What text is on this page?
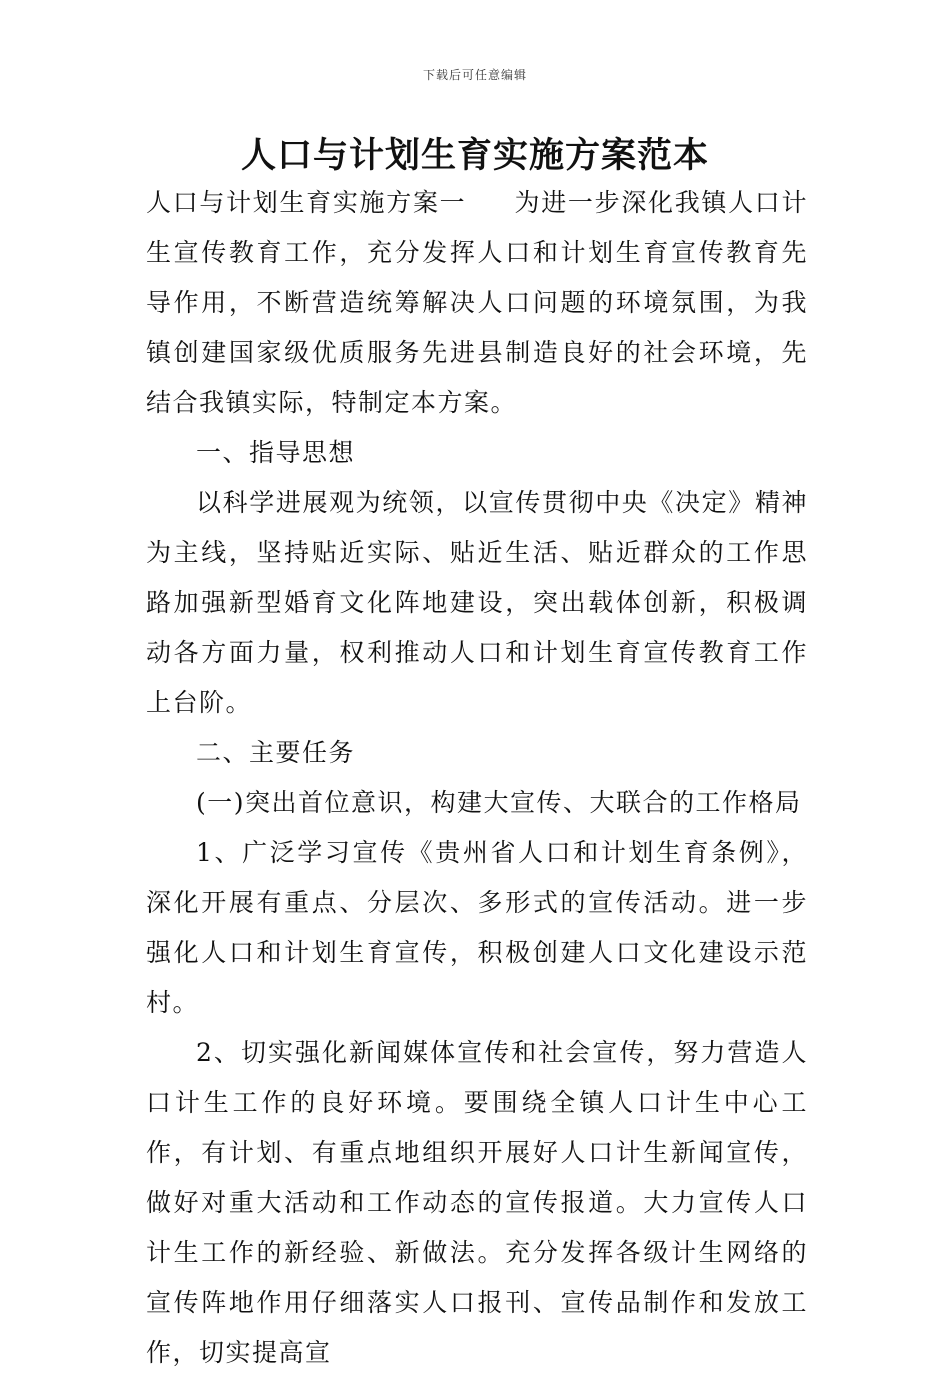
下载后可任意编辑
人口与计划生育实施方案范本

人口与计划生育实施方案一 为进一步深化我镇人口计生宣传教育工作，充分发挥人口和计划生育宣传教育先导作用，不断营造统筹解决人口问题的环境氛围，为我镇创建国家级优质服务先进县制造良好的社会环境，先结合我镇实际，特制定本方案。

一、指导思想

以科学进展观为统领，以宣传贯彻中央《决定》精神为主线，坚持贴近实际、贴近生活、贴近群众的工作思路加强新型婚育文化阵地建设，突出载体创新，积极调动各方面力量，权利推动人口和计划生育宣传教育工作上台阶。

二、主要任务

(一)突出首位意识，构建大宣传、大联合的工作格局

1、广泛学习宣传《贵州省人口和计划生育条例》，深化开展有重点、分层次、多形式的宣传活动。进一步强化人口和计划生育宣传，积极创建人口文化建设示范村。

2、切实强化新闻媒体宣传和社会宣传，努力营造人口计生工作的良好环境。要围绕全镇人口计生中心工作，有计划、有重点地组织开展好人口计生新闻宣传，做好对重大活动和工作动态的宣传报道。大力宣传人口计生工作的新经验、新做法。充分发挥各级计生网络的宣传阵地作用仔细落实人口报刊、宣传品制作和发放工作，切实提高宣
